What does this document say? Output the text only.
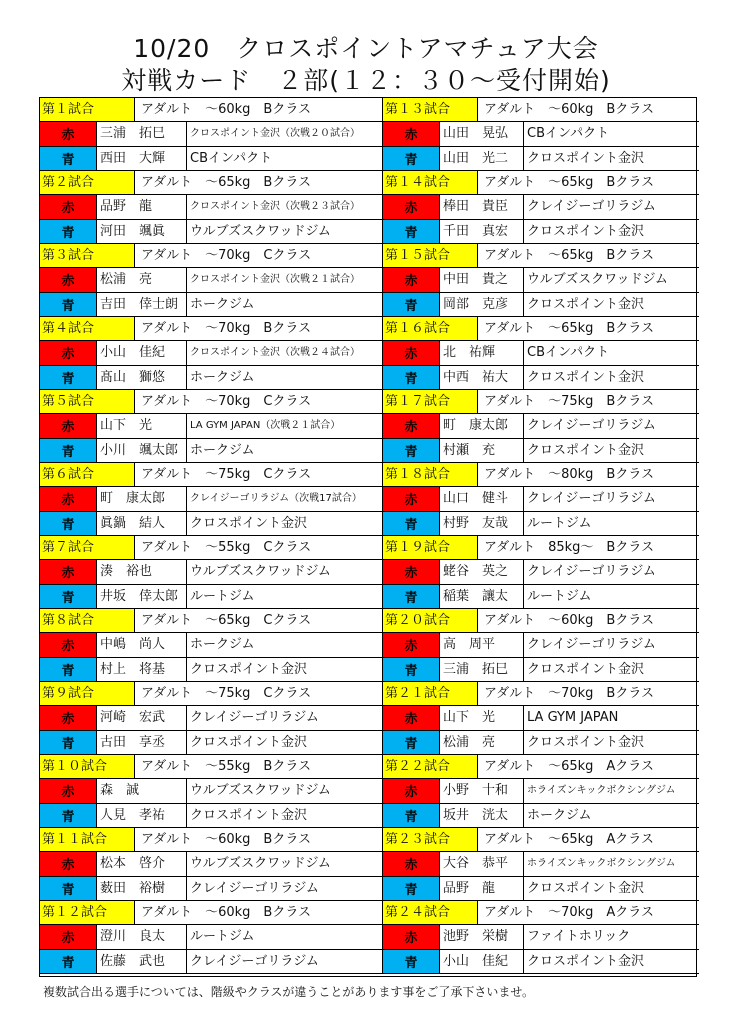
10/20　クロスポイントアマチュア大会
対戦カード　２部(１２：３０～受付開始)
第１試合	アダルト　～60kg　Bクラス
赤	三浦　拓巳	クロスポイント金沢（次戦２０試合）
青	西田　大輝	CBインパクト
第２試合	アダルト　～65kg　Bクラス
赤	品野　龍	クロスポイント金沢（次戦２３試合）
青	河田　颯眞	ウルブズスクワッドジム
第３試合	アダルト　～70kg　Cクラス
赤	松浦　亮	クロスポイント金沢（次戦２１試合）
青	吉田　倖士朗 ホークジム
第４試合	アダルト　～70kg　Bクラス
赤	小山　佳紀	クロスポイント金沢（次戦２４試合）
青	髙山　獅悠	ホークジム
第５試合	アダルト　～70kg　Cクラス
赤	山下　光	LA GYM JAPAN（次戦２１試合）
青	小川　颯太郎 ホークジム
第６試合	アダルト　～75kg　Cクラス
赤	町　康太郎	クレイジーゴリラジム（次戦17試合）
青	眞鍋　結人	クロスポイント金沢
第７試合	アダルト　～55kg　Cクラス
赤	湊　裕也	ウルブズスクワッドジム
青	井坂　倖太郎 ルートジム
第８試合	アダルト　～65kg　Cクラス
赤	中嶋　尚人	ホークジム
青	村上　将基	クロスポイント金沢
第９試合	アダルト　～75kg　Cクラス
赤	河崎　宏武	クレイジーゴリラジム
青	古田　享丞	クロスポイント金沢
第１０試合	アダルト　～55kg　Bクラス
赤	森　誠	ウルブズスクワッドジム
青	人見　孝祐	クロスポイント金沢
第１１試合	アダルト　～60kg　Bクラス
赤	松本　啓介	ウルブズスクワッドジム
青	薮田　裕樹	クレイジーゴリラジム
第１２試合	アダルト　～60kg　Bクラス
赤	澄川　良太	ルートジム
青	佐藤　武也	クレイジーゴリラジム
第１３試合	アダルト　～60kg　Bクラス
赤	山田　晃弘	CBインパクト
青	山田　光二	クロスポイント金沢
第１４試合	アダルト　～65kg　Bクラス
赤	棒田　貴臣	クレイジーゴリラジム
青	千田　真宏	クロスポイント金沢
第１５試合	アダルト　～65kg　Bクラス
赤	中田　貴之	ウルブズスクワッドジム
青	岡部　克彦	クロスポイント金沢
第１６試合	アダルト　～65kg　Bクラス
赤	北　祐輝	CBインパクト
青	中西　祐大	クロスポイント金沢
第１７試合	アダルト　～75kg　Bクラス
赤	町　康太郎	クレイジーゴリラジム
青	村瀬　充	クロスポイント金沢
第１８試合	アダルト　～80kg　Bクラス
赤	山口　健斗	クレイジーゴリラジム
青	村野　友哉	ルートジム
第１９試合	アダルト　85kg～　Bクラス
赤	蛯谷　英之	クレイジーゴリラジム
青	稲葉　讓太	ルートジム
第２０試合	アダルト　～60kg　Bクラス
赤	高　周平	クレイジーゴリラジム
青	三浦　拓巳	クロスポイント金沢
第２１試合	アダルト　～70kg　Bクラス
赤	山下　光	LA GYM JAPAN
青	松浦　亮	クロスポイント金沢
第２２試合	アダルト　～65kg　Aクラス
赤	小野　十和	ホライズンキックボクシングジム
青	坂井　洸太	ホークジム
第２３試合	アダルト　～65kg　Aクラス
赤	大谷　恭平	ホライズンキックボクシングジム
青	品野　龍	クロスポイント金沢
第２４試合	アダルト　～70kg　Aクラス
赤	池野　栄樹	ファイトホリック
青	小山　佳紀	クロスポイント金沢
複数試合出る選手については、階級やクラスが違うことがあります事をご了承下さいませ。
